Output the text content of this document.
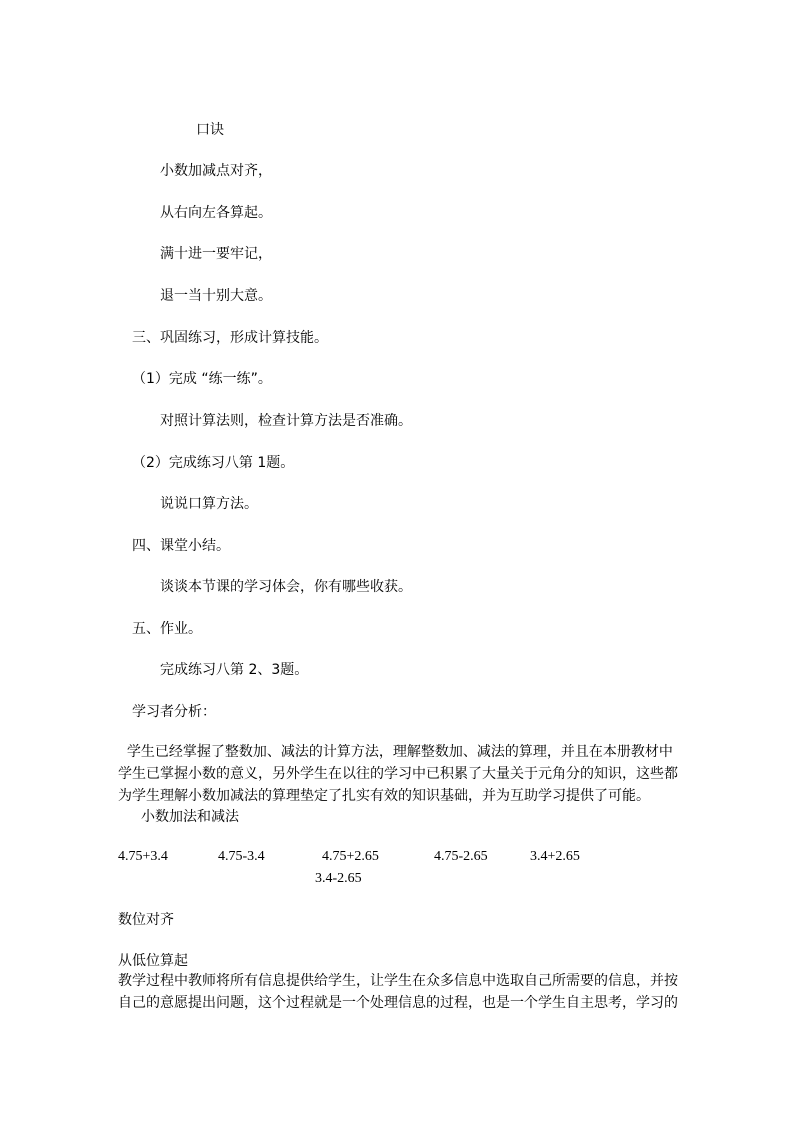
口诀
小数加减点对齐，
从右向左各算起。
满十进一要牢记，
退一当十别大意。
三、巩固练习，形成计算技能。
（1）完成 “练一练”。
对照计算法则，检查计算方法是否准确。
（2）完成练习八第 1题。
说说口算方法。
四、课堂小结。
谈谈本节课的学习体会，你有哪些收获。
五、作业。
完成练习八第 2、3题。
学习者分析：

学生已经掌握了整数加、减法的计算方法，理解整数加、减法的算理，并且在本册教材中

学生已掌握小数的意义，另外学生在以往的学习中已积累了大量关于元角分的知识，这些都

为学生理解小数加减法的算理垫定了扎实有效的知识基础，并为互助学习提供了可能。

小数加法和减法
4.75+3.4	4.75-3.4	4.75+2.65	4.75-2.65	3.4+2.65
3.4-2.65
数位对齐
从低位算起

教学过程中教师将所有信息提供给学生，让学生在众多信息中选取自己所需要的信息，并按

自己的意愿提出问题，这个过程就是一个处理信息的过程，也是一个学生自主思考，学习的
